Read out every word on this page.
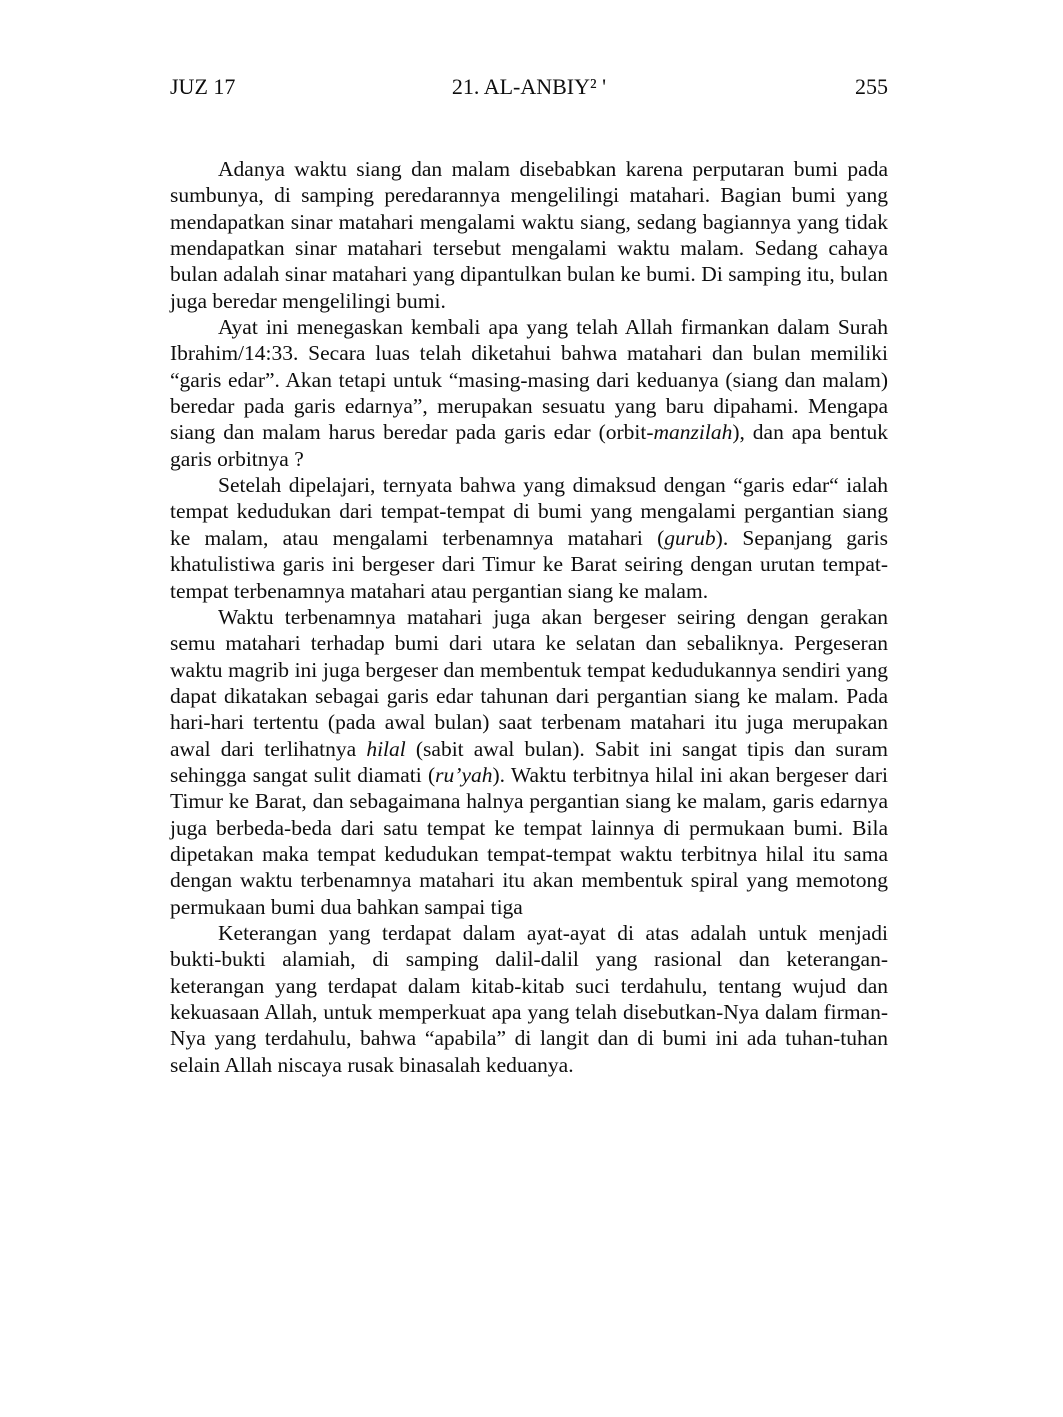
JUZ 17	21. AL-ANBIY² '	255

Adanya waktu siang dan malam disebabkan karena perputaran bumi pada sumbunya, di samping peredarannya mengelilingi matahari. Bagian bumi yang mendapatkan sinar matahari mengalami waktu siang, sedang bagiannya yang tidak mendapatkan sinar matahari tersebut mengalami waktu malam. Sedang cahaya bulan adalah sinar matahari yang dipantulkan bulan ke bumi. Di samping itu, bulan juga beredar mengelilingi bumi.

Ayat ini menegaskan kembali apa yang telah Allah firmankan dalam Surah Ibrahim/14:33. Secara luas telah diketahui bahwa matahari dan bulan memiliki “garis edar”. Akan tetapi untuk “masing-masing dari keduanya (siang dan malam) beredar pada garis edarnya”, merupakan sesuatu yang baru dipahami. Mengapa siang dan malam harus beredar pada garis edar (orbit-manzilah), dan apa bentuk garis orbitnya ?

Setelah dipelajari, ternyata bahwa yang dimaksud dengan “garis edar“ ialah tempat kedudukan dari tempat-tempat di bumi yang mengalami pergantian siang ke malam, atau mengalami terbenamnya matahari (gurub). Sepanjang garis khatulistiwa garis ini bergeser dari Timur ke Barat seiring dengan urutan tempat-tempat terbenamnya matahari atau pergantian siang ke malam.

Waktu terbenamnya matahari juga akan bergeser seiring dengan gerakan semu matahari terhadap bumi dari utara ke selatan dan sebaliknya. Pergeseran waktu magrib ini juga bergeser dan membentuk tempat kedudukannya sendiri yang dapat dikatakan sebagai garis edar tahunan dari pergantian siang ke malam. Pada hari-hari tertentu (pada awal bulan) saat terbenam matahari itu juga merupakan awal dari terlihatnya hilal (sabit awal bulan). Sabit ini sangat tipis dan suram sehingga sangat sulit diamati (ru’yah). Waktu terbitnya hilal ini akan bergeser dari Timur ke Barat, dan sebagaimana halnya pergantian siang ke malam, garis edarnya juga berbeda-beda dari satu tempat ke tempat lainnya di permukaan bumi. Bila dipetakan maka tempat kedudukan tempat-tempat waktu terbitnya hilal itu sama dengan waktu terbenamnya matahari itu akan membentuk spiral yang memotong permukaan bumi dua bahkan sampai tiga

Keterangan yang terdapat dalam ayat-ayat di atas adalah untuk menjadi bukti-bukti alamiah, di samping dalil-dalil yang rasional dan keterangan-keterangan yang terdapat dalam kitab-kitab suci terdahulu, tentang wujud dan kekuasaan Allah, untuk memperkuat apa yang telah disebutkan-Nya dalam firman-Nya yang terdahulu, bahwa “apabila” di langit dan di bumi ini ada tuhan-tuhan selain Allah niscaya rusak binasalah keduanya.
